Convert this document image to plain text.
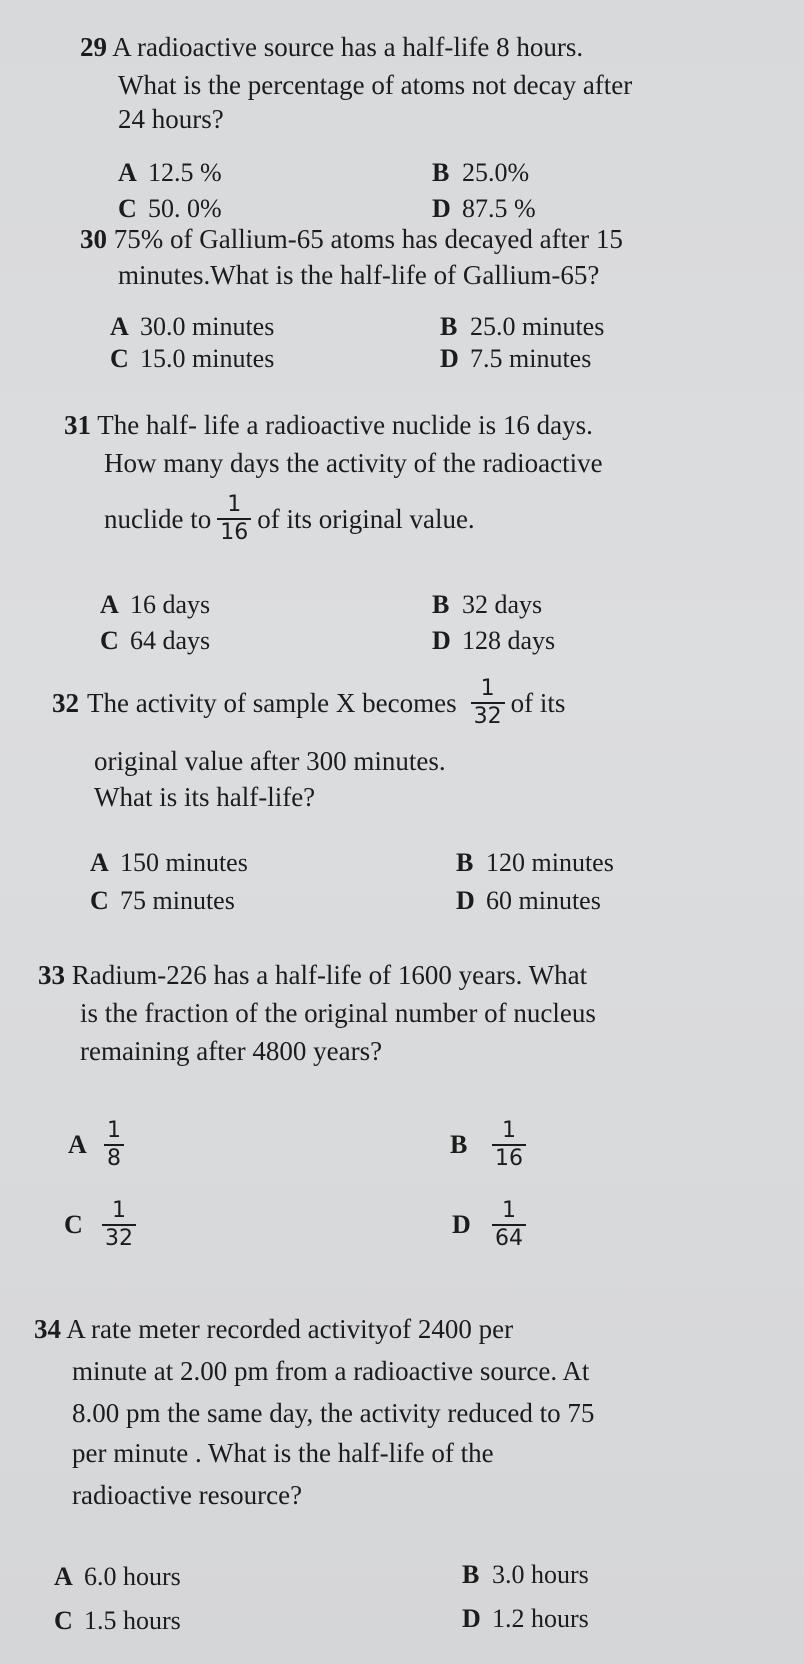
29 A radioactive source has a half-life 8 hours.
What is the percentage of atoms not decay after
24 hours?
A 12.5 %	B 25.0%
C 50. 0%	D 87.5 %
30 75% of Gallium-65 atoms has decayed after 15
minutes.What is the half-life of Gallium-65?
A 30.0 minutes	B 25.0 minutes
C 15.0 minutes	D 7.5 minutes
31 The half- life a radioactive nuclide is 16 days.
How many days the activity of the radioactive
nuclide to $\frac{1}{16}$ of its original value.
A 16 days	B 32 days
C 64 days	D 128 days
32 The activity of sample X becomes $\frac{1}{32}$ of its
original value after 300 minutes.
What is its half-life?
A 150 minutes	B 120 minutes
C 75 minutes	D 60 minutes
33 Radium-226 has a half-life of 1600 years. What
is the fraction of the original number of nucleus
remaining after 4800 years?
A $\frac{1}{8}$	B	$\frac{1}{16}$
C $\frac{1}{32}$	D $\frac{1}{64}$
34 A rate meter recorded activityof 2400 per
minute at 2.00 pm from a radioactive source. At
8.00 pm the same day, the activity reduced to 75
per minute . What is the half-life of the
radioactive resource?
A 6.0 hours	B 3.0 hours
C 1.5 hours	D 1.2 hours
